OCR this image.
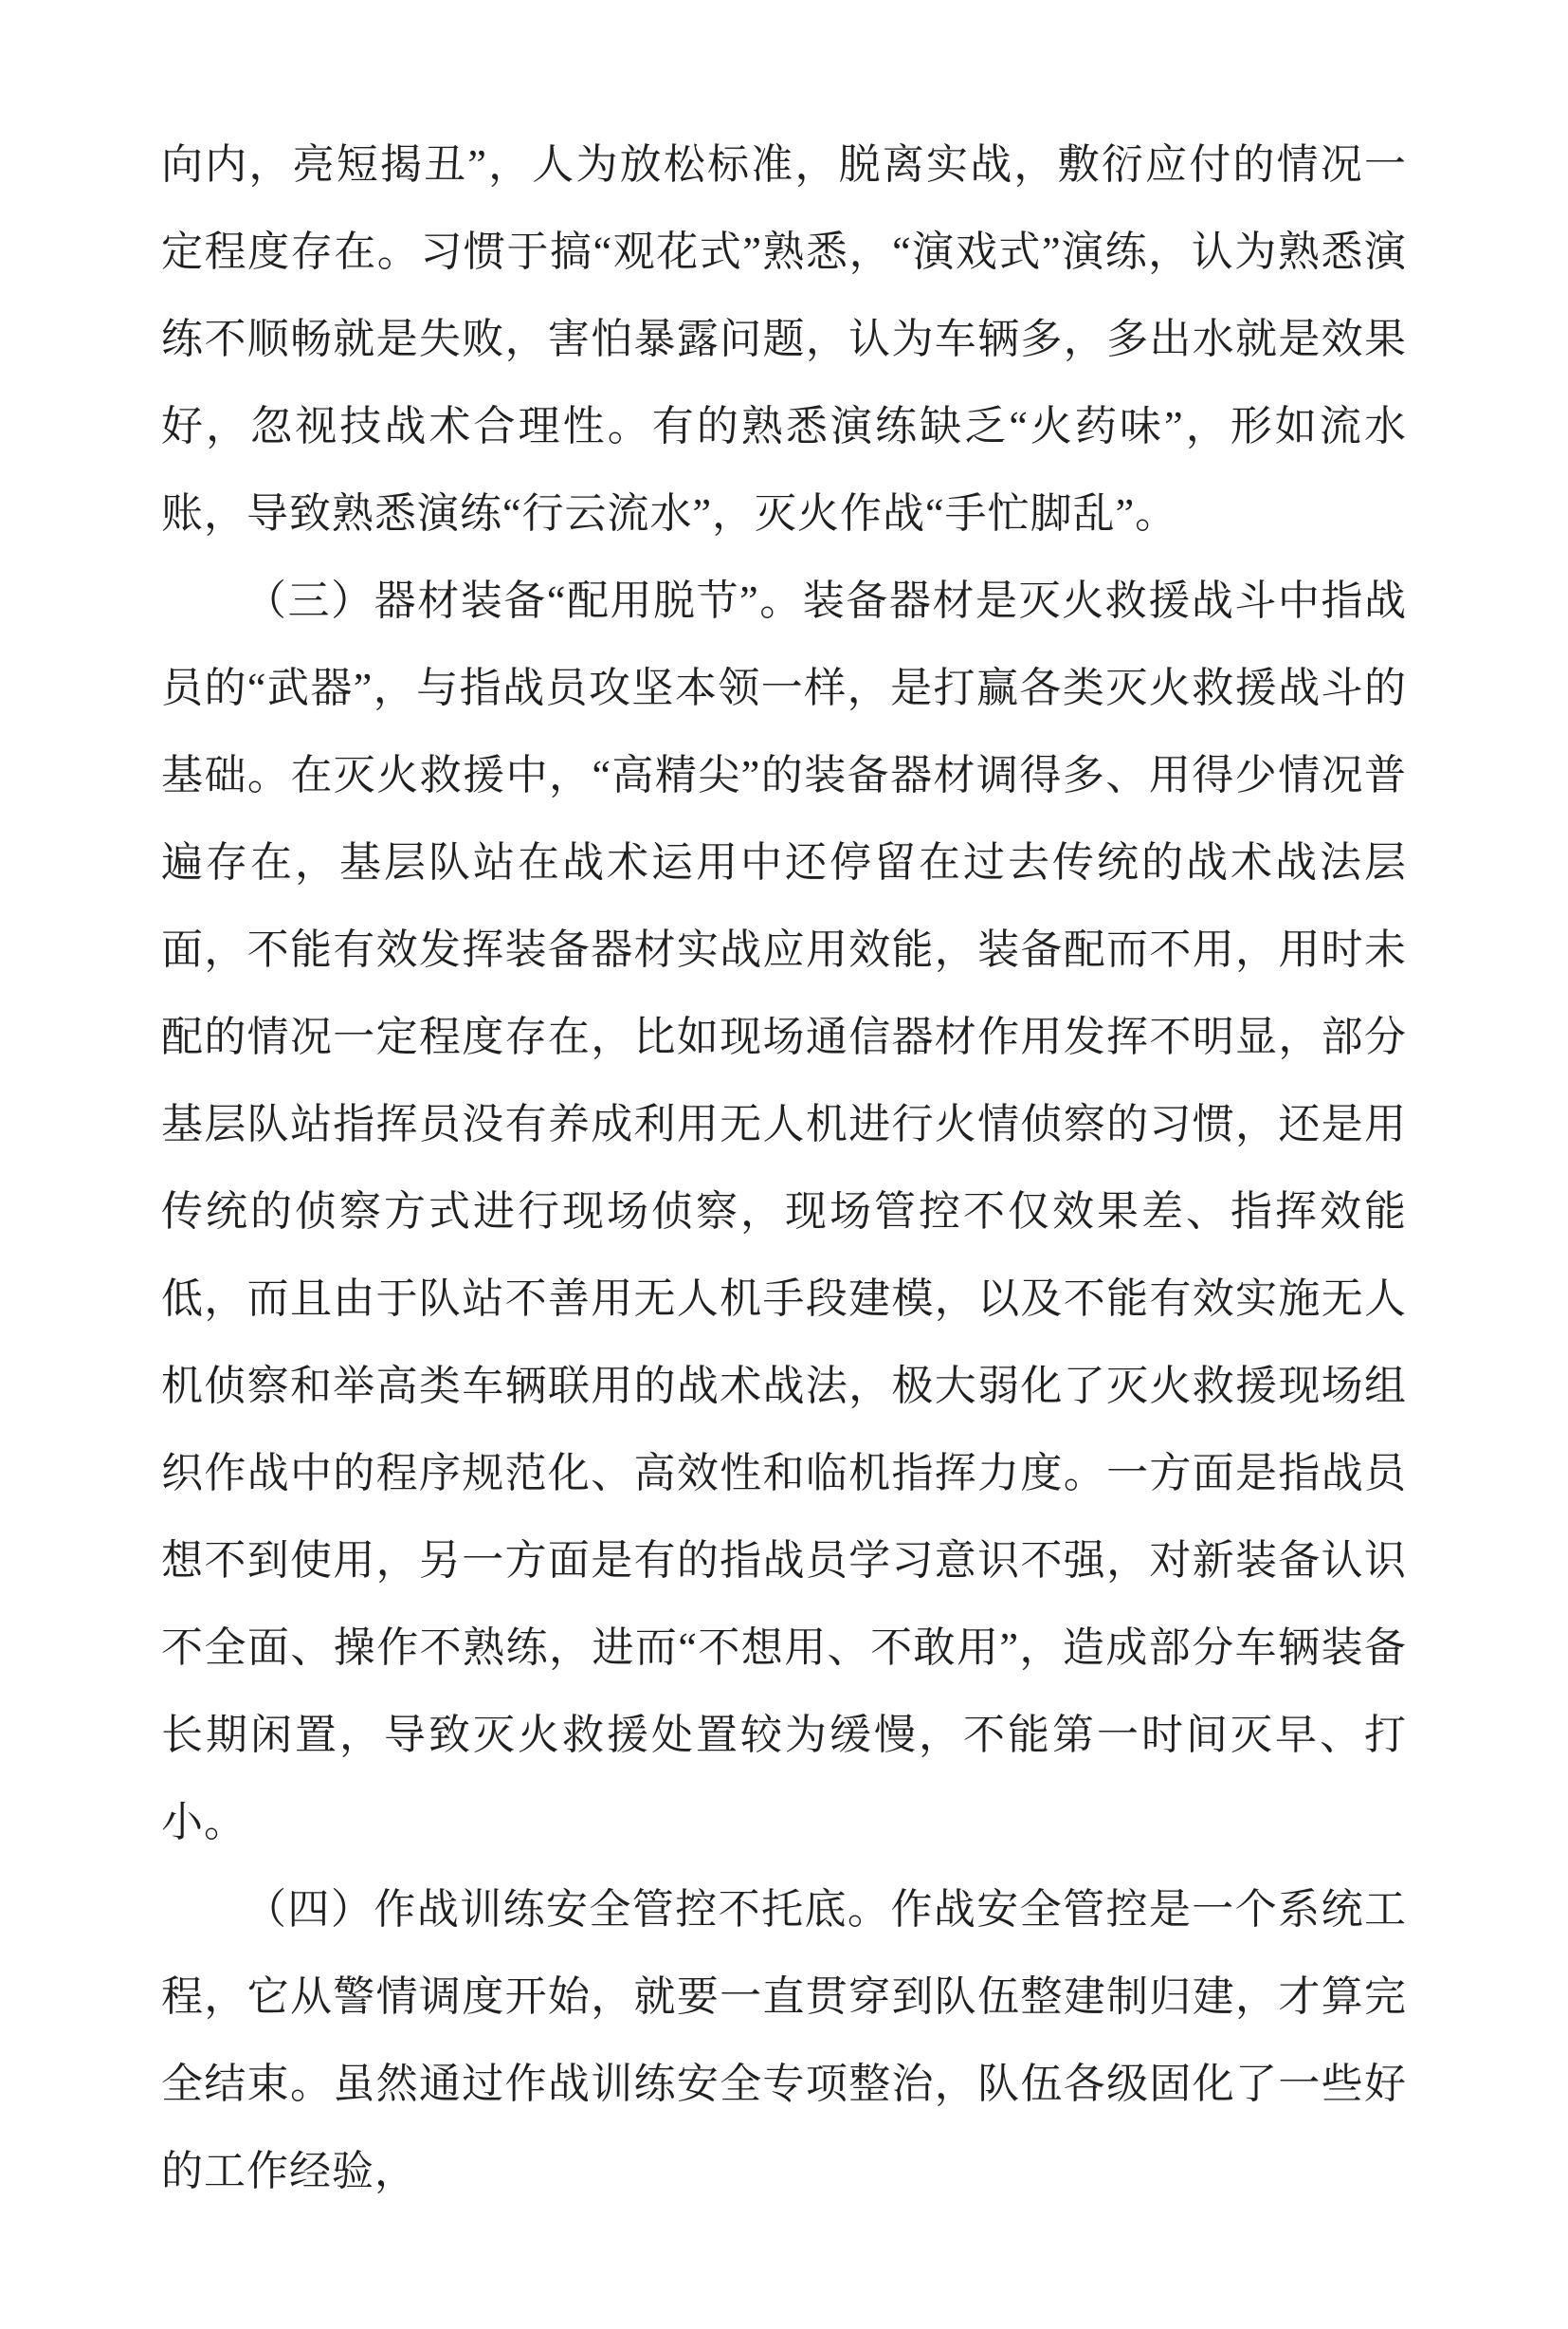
向内，亮短揭丑”，人为放松标准，脱离实战，敷衍应付的情况一定程度存在。习惯于搞“观花式”熟悉，“演戏式”演练，认为熟悉演练不顺畅就是失败，害怕暴露问题，认为车辆多，多出水就是效果好，忽视技战术合理性。有的熟悉演练缺乏“火药味”，形如流水账，导致熟悉演练“行云流水”，灭火作战“手忙脚乱”。

（三）器材装备“配用脱节”。装备器材是灭火救援战斗中指战员的“武器”，与指战员攻坚本领一样，是打赢各类灭火救援战斗的基础。在灭火救援中，“高精尖”的装备器材调得多、用得少情况普遍存在，基层队站在战术运用中还停留在过去传统的战术战法层面，不能有效发挥装备器材实战应用效能，装备配而不用，用时未配的情况一定程度存在，比如现场通信器材作用发挥不明显，部分基层队站指挥员没有养成利用无人机进行火情侦察的习惯，还是用传统的侦察方式进行现场侦察，现场管控不仅效果差、指挥效能低，而且由于队站不善用无人机手段建模，以及不能有效实施无人机侦察和举高类车辆联用的战术战法，极大弱化了灭火救援现场组织作战中的程序规范化、高效性和临机指挥力度。一方面是指战员想不到使用，另一方面是有的指战员学习意识不强，对新装备认识不全面、操作不熟练，进而“不想用、不敢用”，造成部分车辆装备长期闲置，导致灭火救援处置较为缓慢，不能第一时间灭早、打小。

（四）作战训练安全管控不托底。作战安全管控是一个系统工程，它从警情调度开始，就要一直贯穿到队伍整建制归建，才算完全结束。虽然通过作战训练安全专项整治，队伍各级固化了一些好的工作经验，
